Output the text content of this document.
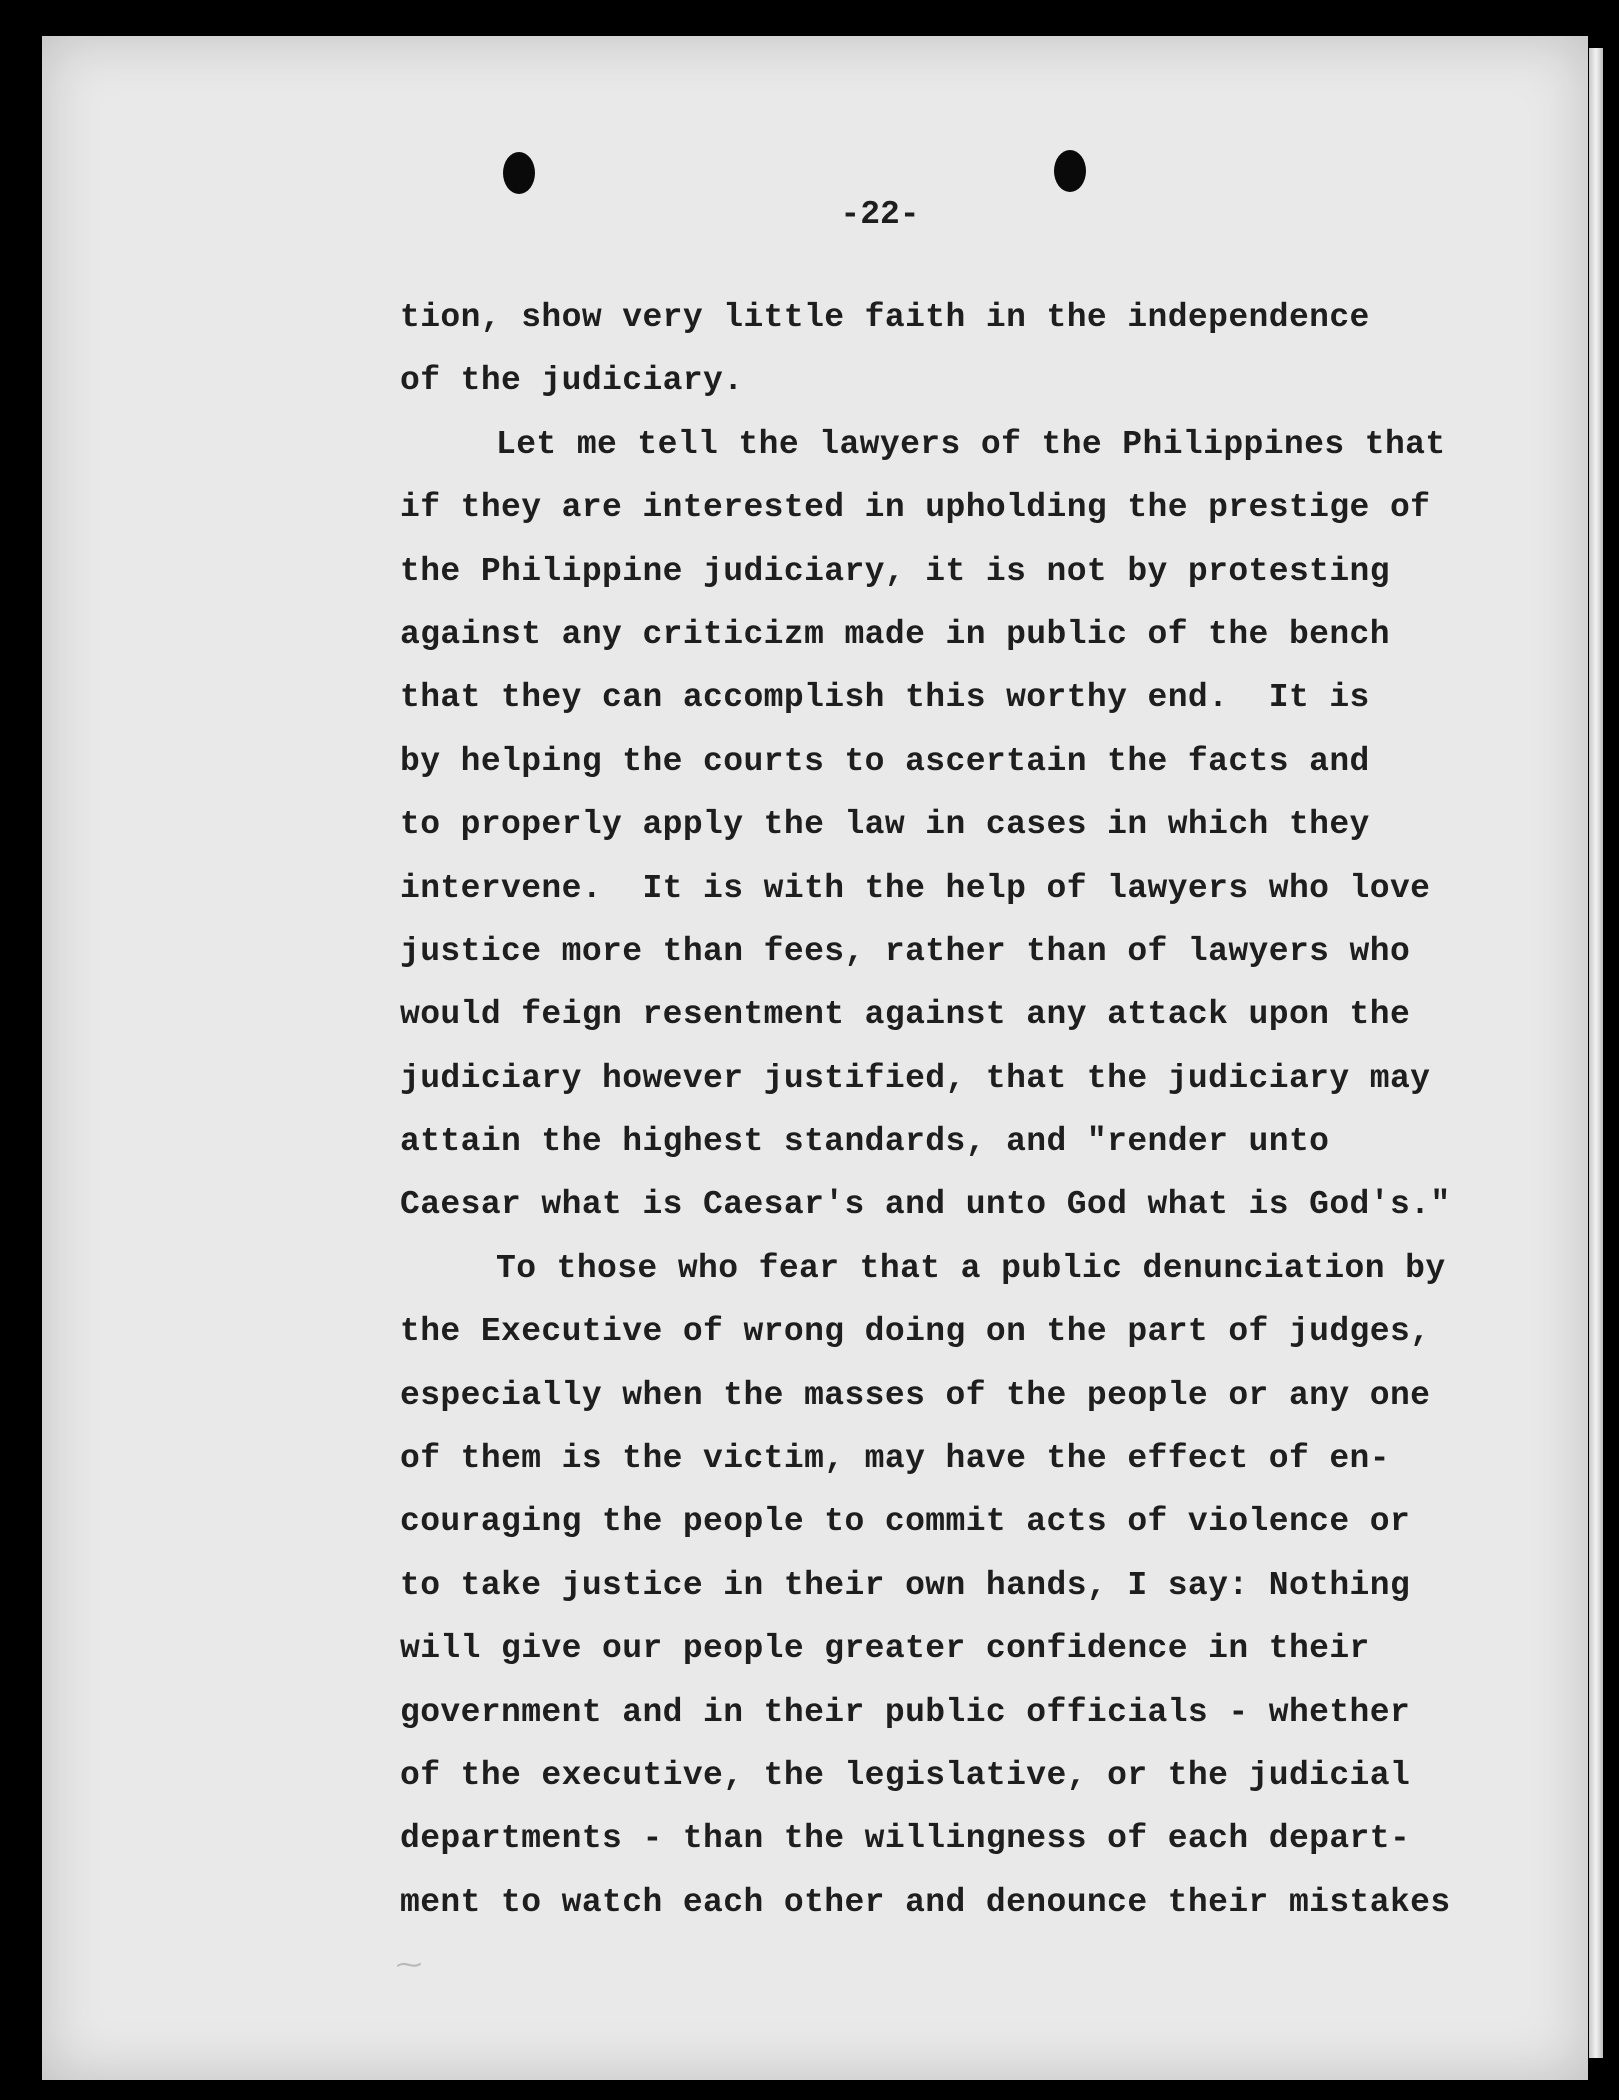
-22-
tion, show very little faith in the independence
of the judiciary.
Let me tell the lawyers of the Philippines that
if they are interested in upholding the prestige of
the Philippine judiciary, it is not by protesting
against any criticizm made in public of the bench
that they can accomplish this worthy end.  It is
by helping the courts to ascertain the facts and
to properly apply the law in cases in which they
intervene.  It is with the help of lawyers who love
justice more than fees, rather than of lawyers who
would feign resentment against any attack upon the
judiciary however justified, that the judiciary may
attain the highest standards, and "render unto
Caesar what is Caesar's and unto God what is God's."
To those who fear that a public denunciation by
the Executive of wrong doing on the part of judges,
especially when the masses of the people or any one
of them is the victim, may have the effect of en-
couraging the people to commit acts of violence or
to take justice in their own hands, I say: Nothing
will give our people greater confidence in their
government and in their public officials - whether
of the executive, the legislative, or the judicial
departments - than the willingness of each depart-
ment to watch each other and denounce their mistakes
⁓
